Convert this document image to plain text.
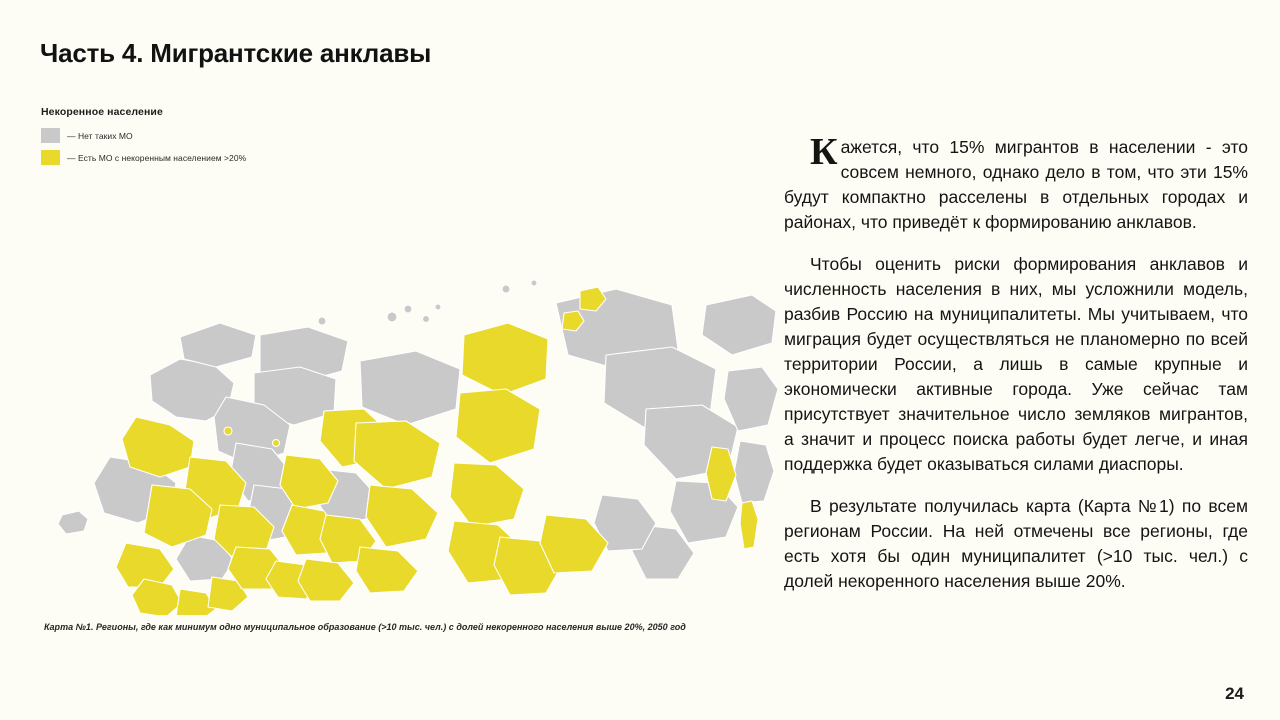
Часть 4. Мигрантские анклавы
Некоренное население
— Нет таких МО
— Есть МО с некоренным населением >20%
Карта №1. Регионы, где как минимум одно муниципальное образование (>10 тыс. чел.) с долей некоренного населения выше 20%, 2050 год

Кажется, что 15% мигрантов в населении - это совсем немного, однако дело в том, что эти 15% будут компактно расселены в отдельных городах и районах, что приведёт к формированию анклавов.

Чтобы оценить риски формирования анклавов и численность населения в них, мы усложнили модель, разбив Россию на муниципалитеты. Мы учитываем, что миграция будет осуществляться не планомерно по всей территории России, а лишь в самые крупные и экономически активные города. Уже сейчас там присутствует значительное число земляков мигрантов, а значит и процесс поиска работы будет легче, и иная поддержка будет оказываться силами диаспоры.

В результате получилась карта (Карта №1) по всем регионам России. На ней отмечены все регионы, где есть хотя бы один муниципалитет (>10 тыс. чел.) с долей некоренного населения выше 20%.

24
